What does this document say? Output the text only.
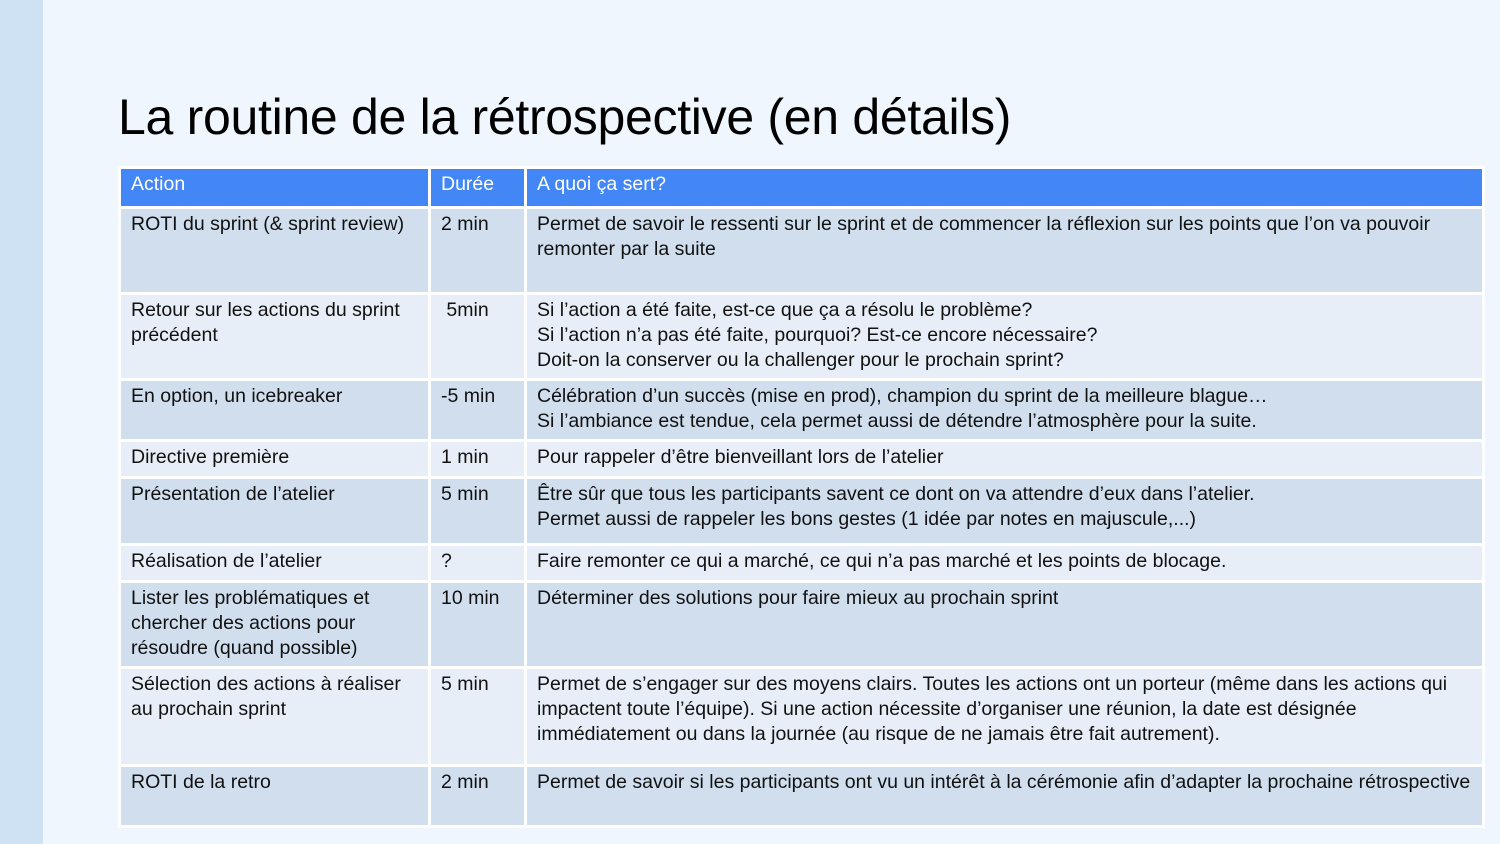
La routine de la rétrospective (en détails)
Action	Durée	A quoi ça sert?
ROTI du sprint (& sprint review)	2 min	Permet de savoir le ressenti sur le sprint et de commencer la réflexion sur les points que l’on va pouvoir remonter par la suite

Retour sur les actions du sprint précédent	5min	Si l’action a été faite, est-ce que ça a résolu le problème?
Si l’action n’a pas été faite, pourquoi? Est-ce encore nécessaire?
Doit-on la conserver ou la challenger pour le prochain sprint?

En option, un icebreaker	-5 min	Célébration d’un succès (mise en prod), champion du sprint de la meilleure blague…
Si l’ambiance est tendue, cela permet aussi de détendre l’atmosphère pour la suite.

Directive première	1 min	Pour rappeler d’être bienveillant lors de l’atelier

Présentation de l’atelier	5 min	Être sûr que tous les participants savent ce dont on va attendre d’eux dans l’atelier.
Permet aussi de rappeler les bons gestes (1 idée par notes en majuscule,...)

Réalisation de l’atelier	?	Faire remonter ce qui a marché, ce qui n’a pas marché et les points de blocage.

Lister les problématiques et chercher des actions pour résoudre (quand possible)	10 min	Déterminer des solutions pour faire mieux au prochain sprint

Sélection des actions à réaliser au prochain sprint	5 min	Permet de s’engager sur des moyens clairs. Toutes les actions ont un porteur (même dans les actions qui impactent toute l’équipe). Si une action nécessite d’organiser une réunion, la date est désignée immédiatement ou dans la journée (au risque de ne jamais être fait autrement).

ROTI de la retro	2 min	Permet de savoir si les participants ont vu un intérêt à la cérémonie afin d’adapter la prochaine rétrospective
